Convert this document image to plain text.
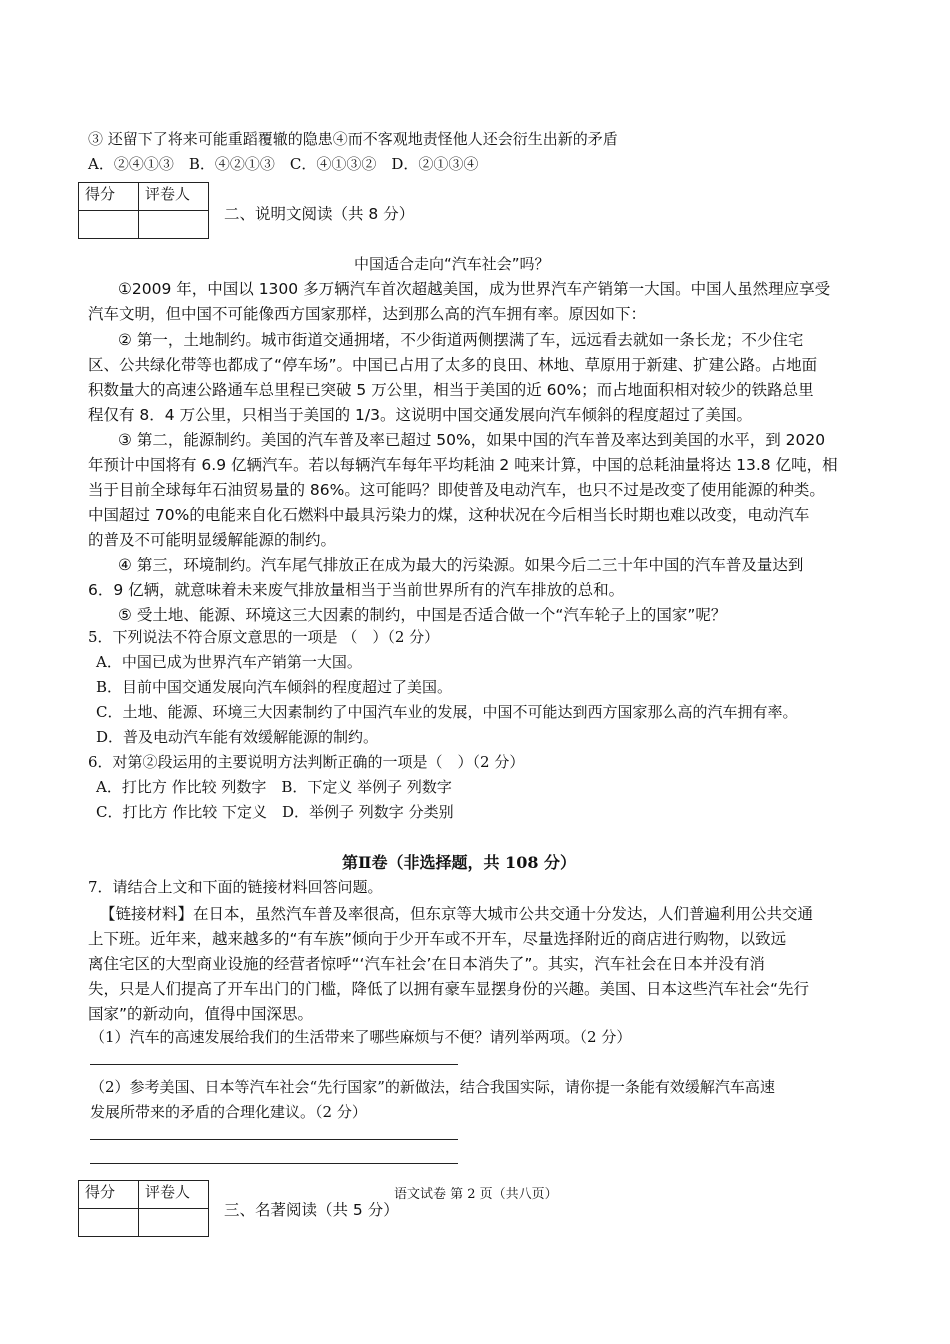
③ 还留下了将来可能重蹈覆辙的隐患④而不客观地责怪他人还会衍生出新的矛盾
A．②④①③　B．④②①③　C．④①③②　D．②①③④
得分	评卷人

二、说明文阅读（共 8 分）
中国适合走向“汽车社会”吗？
①2009 年，中国以 1300 多万辆汽车首次超越美国，成为世界汽车产销第一大国。中国人虽然理应享受
汽车文明，但中国不可能像西方国家那样，达到那么高的汽车拥有率。原因如下：
② 第一，土地制约。城市街道交通拥堵，不少街道两侧摆满了车，远远看去就如一条长龙；不少住宅
区、公共绿化带等也都成了“停车场”。中国已占用了太多的良田、林地、草原用于新建、扩建公路。占地面
积数量大的高速公路通车总里程已突破 5 万公里，相当于美国的近 60%；而占地面积相对较少的铁路总里
程仅有 8．4 万公里，只相当于美国的 1/3。这说明中国交通发展向汽车倾斜的程度超过了美国。
③ 第二，能源制约。美国的汽车普及率已超过 50%，如果中国的汽车普及率达到美国的水平，到 2020
年预计中国将有 6.9 亿辆汽车。若以每辆汽车每年平均耗油 2 吨来计算，中国的总耗油量将达 13.8 亿吨，相
当于目前全球每年石油贸易量的 86%。这可能吗？即使普及电动汽车，也只不过是改变了使用能源的种类。
中国超过 70%的电能来自化石燃料中最具污染力的煤，这种状况在今后相当长时期也难以改变，电动汽车
的普及不可能明显缓解能源的制约。
④ 第三，环境制约。汽车尾气排放正在成为最大的污染源。如果今后二三十年中国的汽车普及量达到
6．9 亿辆，就意味着未来废气排放量相当于当前世界所有的汽车排放的总和。
⑤ 受土地、能源、环境这三大因素的制约，中国是否适合做一个“汽车轮子上的国家”呢？
5．下列说法不符合原文意思的一项是 （　）（2 分）
A．中国已成为世界汽车产销第一大国。
B．目前中国交通发展向汽车倾斜的程度超过了美国。
C．土地、能源、环境三大因素制约了中国汽车业的发展，中国不可能达到西方国家那么高的汽车拥有率。
D．普及电动汽车能有效缓解能源的制约。
6．对第②段运用的主要说明方法判断正确的一项是（　）（2 分）
A．打比方 作比较 列数字　B．下定义 举例子 列数字
C．打比方 作比较 下定义　D．举例子 列数字 分类别
第Ⅱ卷（非选择题，共 108 分）
7．请结合上文和下面的链接材料回答问题。
【链接材料】在日本，虽然汽车普及率很高，但东京等大城市公共交通十分发达，人们普遍利用公共交通
上下班。近年来，越来越多的“有车族”倾向于少开车或不开车，尽量选择附近的商店进行购物，以致远
离住宅区的大型商业设施的经营者惊呼“‘汽车社会’在日本消失了”。其实，汽车社会在日本并没有消
失，只是人们提高了开车出门的门槛，降低了以拥有豪车显摆身份的兴趣。美国、日本这些汽车社会“先行
国家”的新动向，值得中国深思。
（1）汽车的高速发展给我们的生活带来了哪些麻烦与不便？请列举两项。（2 分）
（2）参考美国、日本等汽车社会“先行国家”的新做法，结合我国实际，请你提一条能有效缓解汽车高速
发展所带来的矛盾的合理化建议。（2 分）
得分	评卷人

三、名著阅读（共 5 分）
语文试卷 第 2 页（共八页）
